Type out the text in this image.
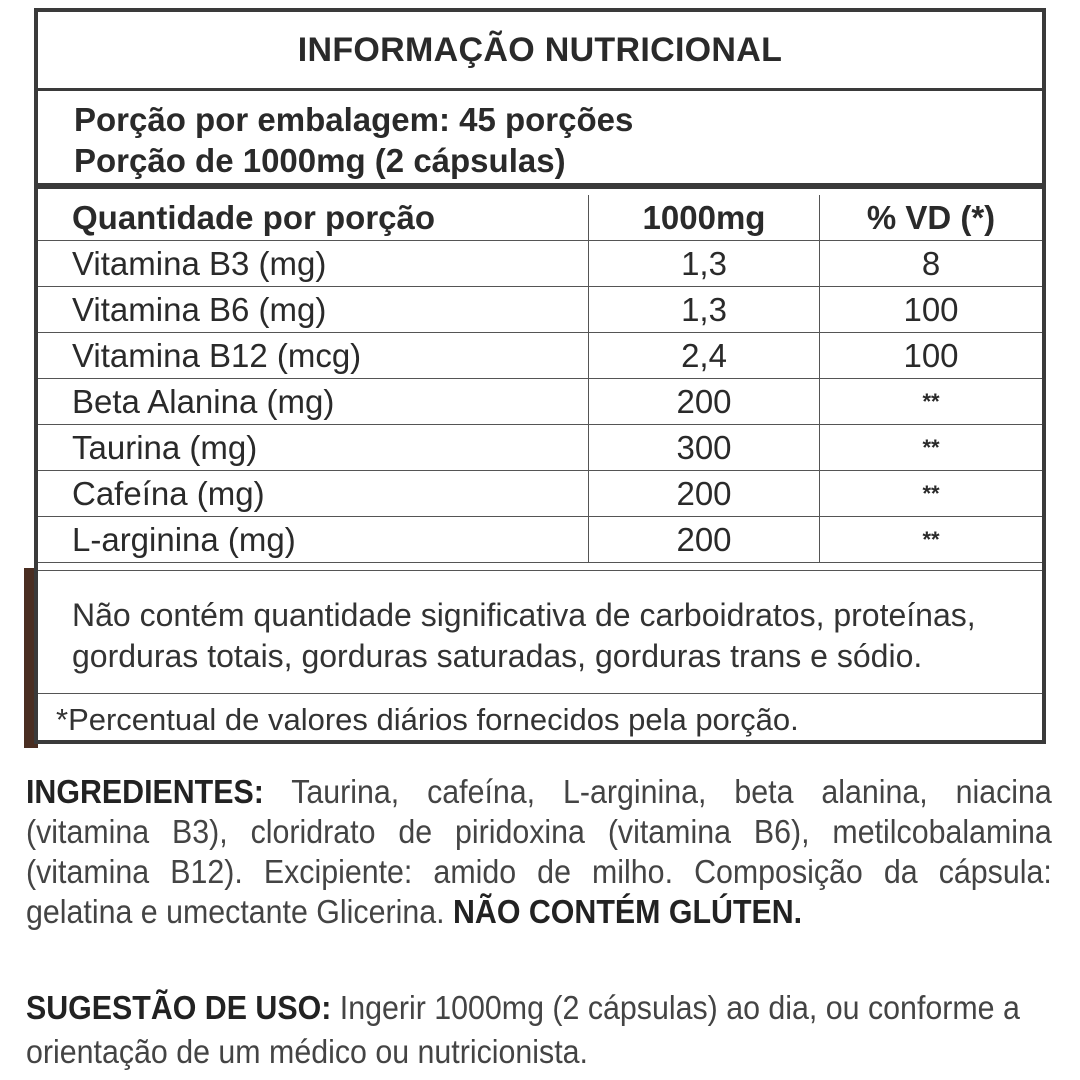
INFORMAÇÃO NUTRICIONAL
Porção por embalagem: 45 porções
Porção de 1000mg (2 cápsulas)
Quantidade por porção	1000mg	% VD (*)
Vitamina B3 (mg)	1,3	8
Vitamina B6 (mg)	1,3	100
Vitamina B12 (mcg)	2,4	100
Beta Alanina (mg)	200	**
Taurina (mg)	300	**
Cafeína (mg)	200	**
L-arginina (mg)	200	**
Não contém quantidade significativa de carboidratos, proteínas, gorduras totais, gorduras saturadas, gorduras trans e sódio.
*Percentual de valores diários fornecidos pela porção.
INGREDIENTES: Taurina, cafeína, L-arginina, beta alanina, niacina (vitamina B3), cloridrato de piridoxina (vitamina B6), metilcobalamina (vitamina B12). Excipiente: amido de milho. Composição da cápsula: gelatina e umectante Glicerina. NÃO CONTÉM GLÚTEN.
SUGESTÃO DE USO: Ingerir 1000mg (2 cápsulas) ao dia, ou conforme a orientação de um médico ou nutricionista.
